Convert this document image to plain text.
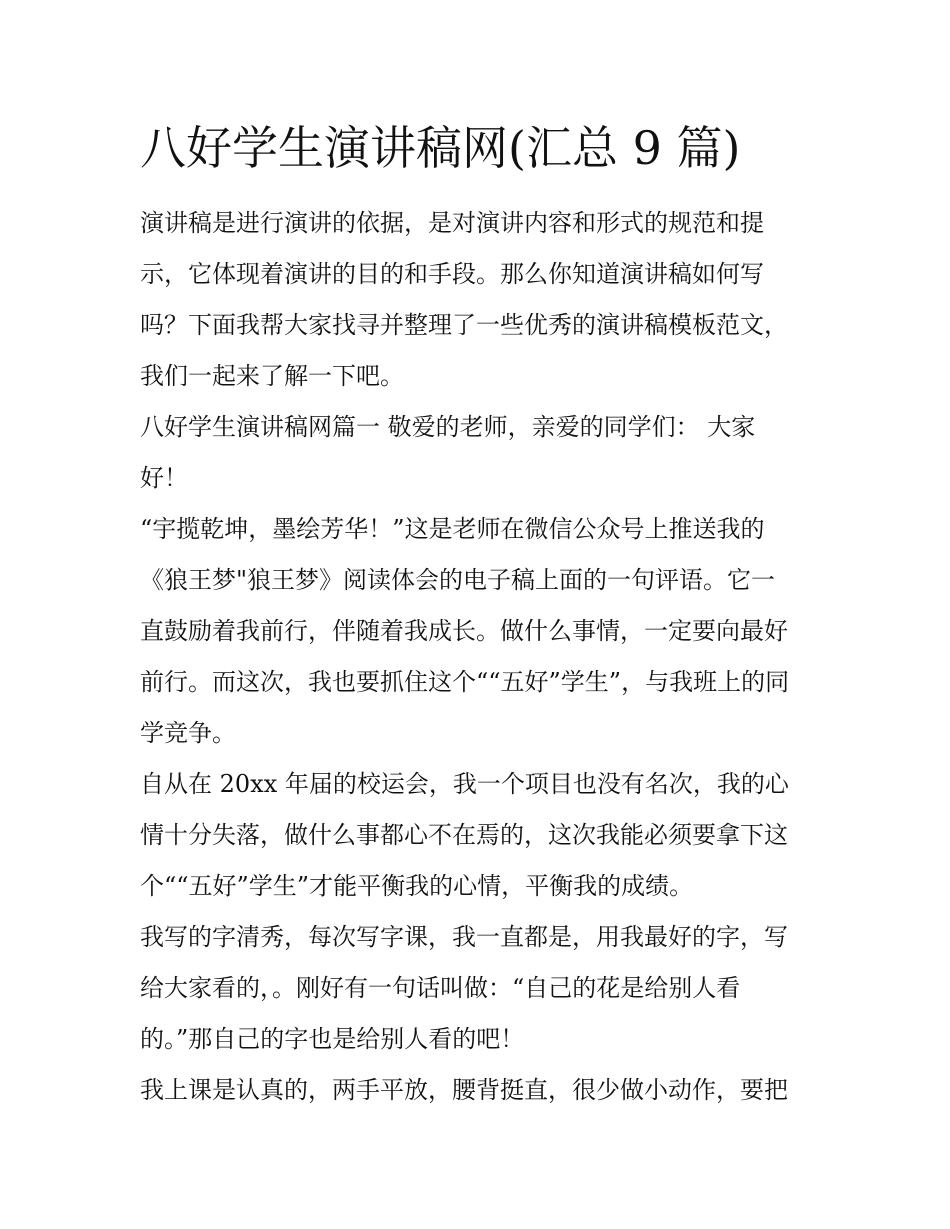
八好学生演讲稿网(汇总 9 篇)
演讲稿是进行演讲的依据，是对演讲内容和形式的规范和提
示，它体现着演讲的目的和手段。那么你知道演讲稿如何写
吗？下面我帮大家找寻并整理了一些优秀的演讲稿模板范文，
我们一起来了解一下吧。
八好学生演讲稿网篇一 敬爱的老师，亲爱的同学们： 大家
好！
“宇揽乾坤，墨绘芳华！”这是老师在微信公众号上推送我的
《狼王梦"狼王梦》阅读体会的电子稿上面的一句评语。它一
直鼓励着我前行，伴随着我成长。做什么事情，一定要向最好
前行。而这次，我也要抓住这个““五好”学生”，与我班上的同
学竞争。
自从在 20xx 年届的校运会，我一个项目也没有名次，我的心
情十分失落，做什么事都心不在焉的，这次我能必须要拿下这
个““五好”学生”才能平衡我的心情，平衡我的成绩。
我写的字清秀，每次写字课，我一直都是，用我最好的字，写
给大家看的，。刚好有一句话叫做：“自己的花是给别人看
的。”那自己的字也是给别人看的吧！
我上课是认真的，两手平放，腰背挺直，很少做小动作，要把
